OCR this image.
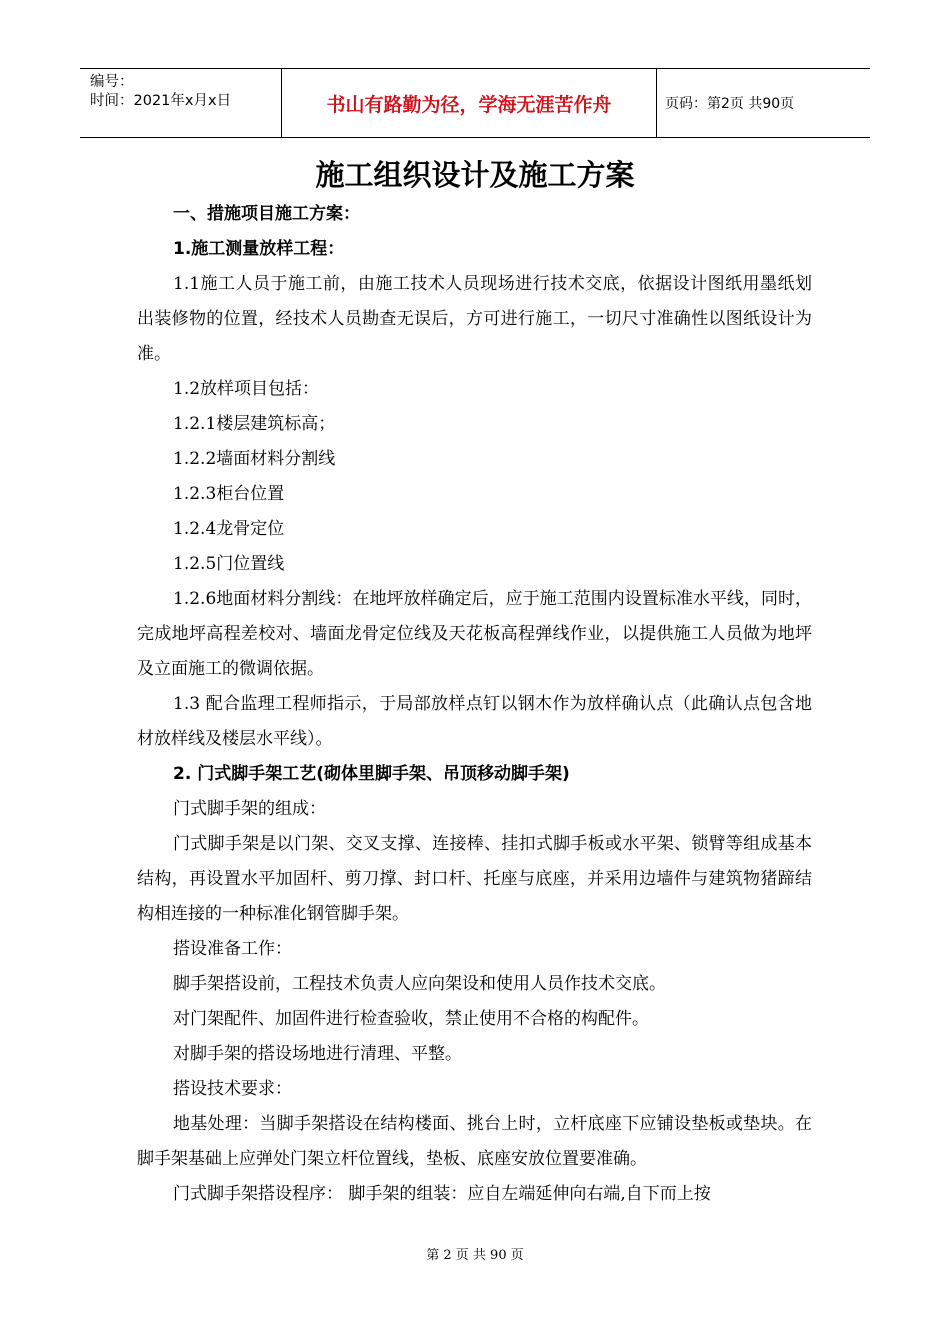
编号：
时间：2021年x月x日	书山有路勤为径，学海无涯苦作舟	页码：第2页 共90页
施工组织设计及施工方案

一、措施项目施工方案：

1.施工测量放样工程：

1.1施工人员于施工前，由施工技术人员现场进行技术交底，依据设计图纸用墨纸划出装修物的位置，经技术人员勘查无误后，方可进行施工，一切尺寸准确性以图纸设计为准。

1.2放样项目包括：

1.2.1楼层建筑标高；

1.2.2墙面材料分割线

1.2.3柜台位置

1.2.4龙骨定位

1.2.5门位置线

1.2.6地面材料分割线：在地坪放样确定后，应于施工范围内设置标准水平线，同时，完成地坪高程差校对、墙面龙骨定位线及天花板高程弹线作业，以提供施工人员做为地坪及立面施工的微调依据。

1.3 配合监理工程师指示，于局部放样点钉以钢木作为放样确认点（此确认点包含地材放样线及楼层水平线）。

2. 门式脚手架工艺(砌体里脚手架、吊顶移动脚手架)

门式脚手架的组成：

门式脚手架是以门架、交叉支撑、连接棒、挂扣式脚手板或水平架、锁臂等组成基本结构，再设置水平加固杆、剪刀撑、封口杆、托座与底座，并采用边墙件与建筑物猪蹄结构相连接的一种标准化钢管脚手架。

搭设准备工作：

脚手架搭设前，工程技术负责人应向架设和使用人员作技术交底。

对门架配件、加固件进行检查验收，禁止使用不合格的构配件。

对脚手架的搭设场地进行清理、平整。

搭设技术要求：

地基处理：当脚手架搭设在结构楼面、挑台上时，立杆底座下应铺设垫板或垫块。在脚手架基础上应弹处门架立杆位置线，垫板、底座安放位置要准确。

门式脚手架搭设程序： 脚手架的组装：应自左端延伸向右端,自下而上按

第 2 页 共 90 页
